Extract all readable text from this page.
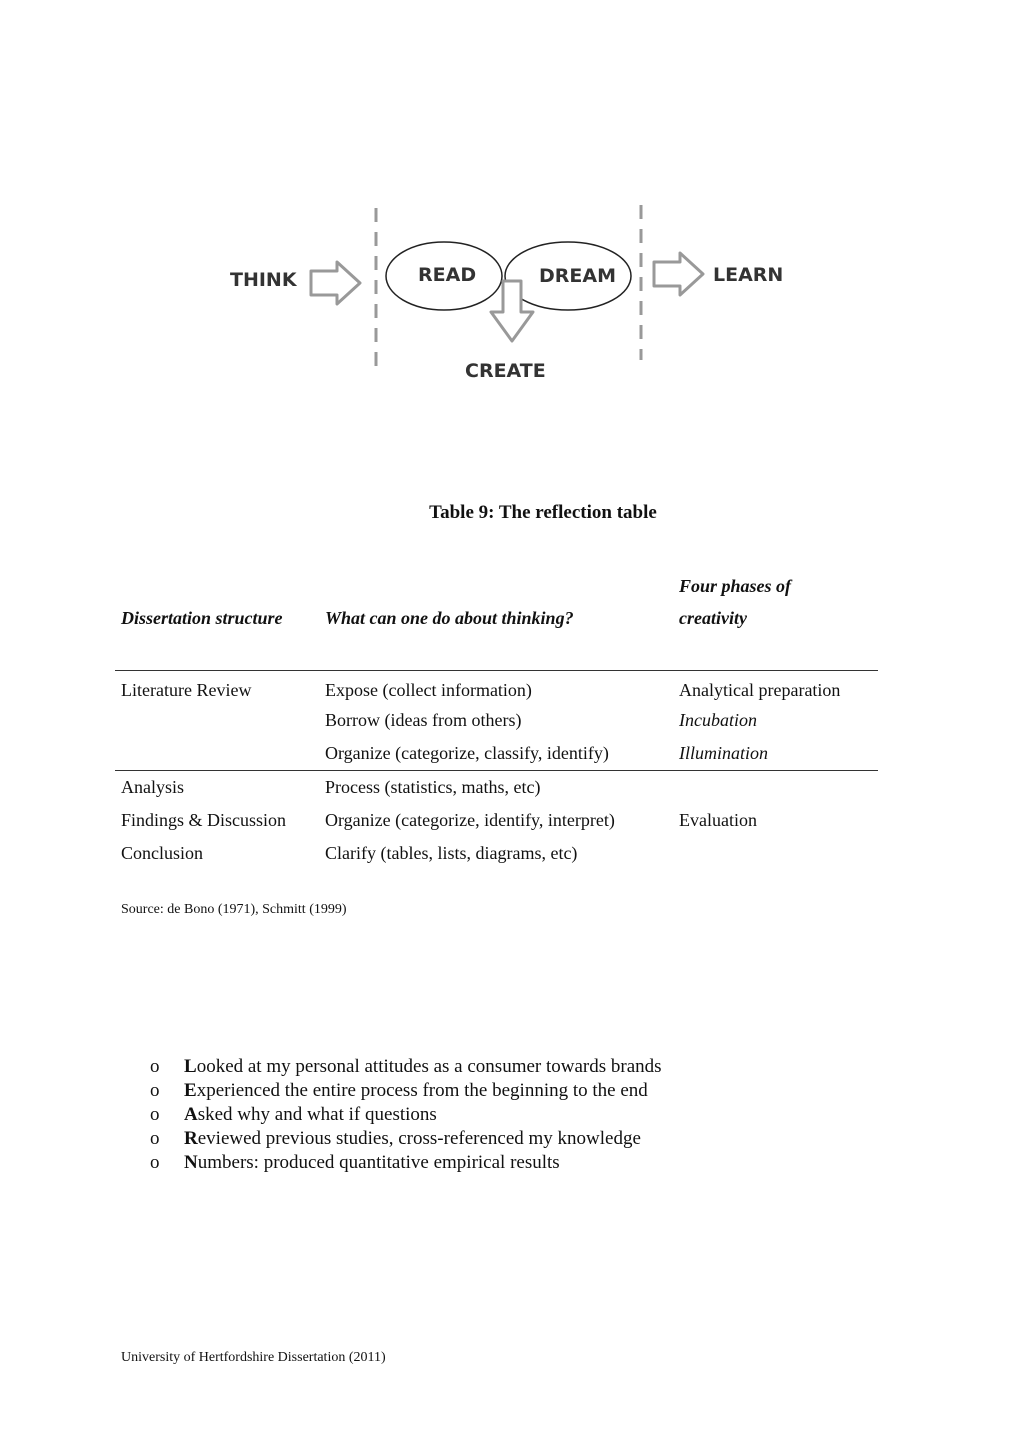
THINK	READ	DREAM	LEARN
CREATE
Table 9: The reflection table
Dissertation structure	What can one do about thinking?	Four phases of
creativity
Literature Review	Expose (collect information)	Analytical preparation
	Borrow (ideas from others)	Incubation
	Organize (categorize, classify, identify)	Illumination
Analysis	Process (statistics, maths, etc)	
Findings & Discussion	Organize (categorize, identify, interpret)	Evaluation
Conclusion	Clarify (tables, lists, diagrams, etc)	
Source: de Bono (1971), Schmitt (1999)
o	Looked at my personal attitudes as a consumer towards brands
o	Experienced the entire process from the beginning to the end
o	Asked why and what if questions
o	Reviewed previous studies, cross-referenced my knowledge
o	Numbers: produced quantitative empirical results
University of Hertfordshire Dissertation (2011)
